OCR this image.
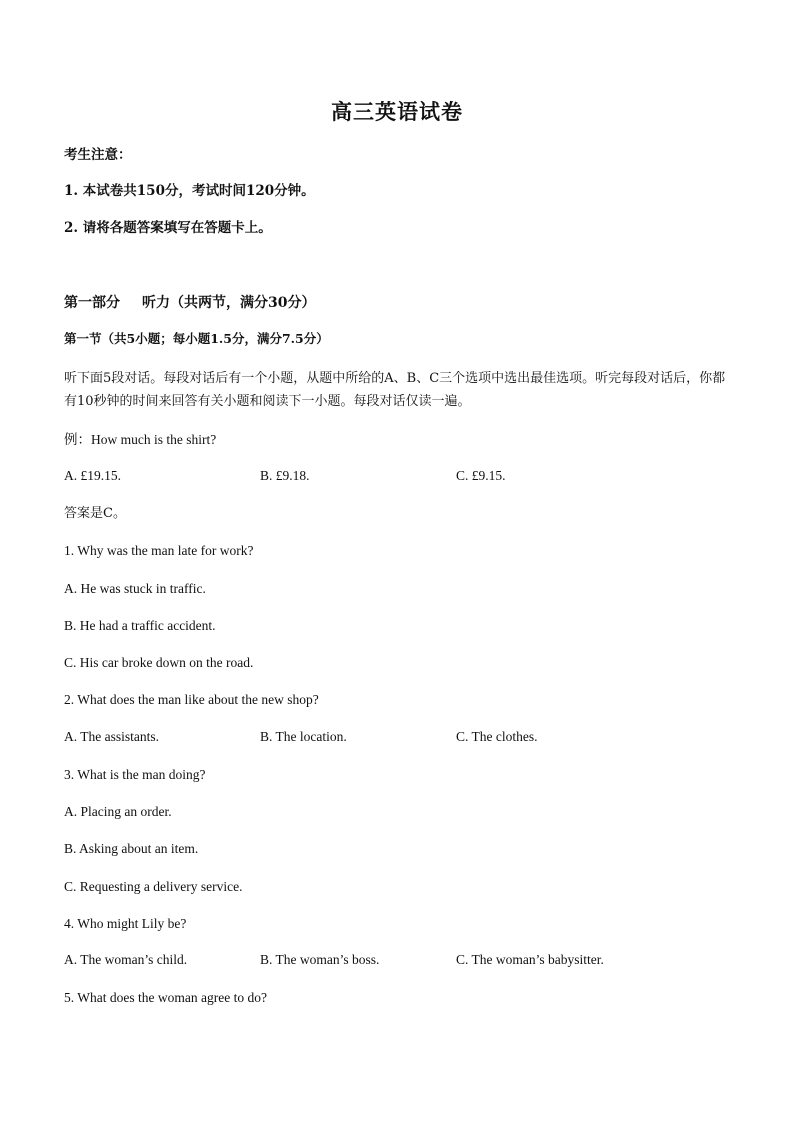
高三英语试卷
考生注意：
1. 本试卷共150分，考试时间120分钟。
2. 请将各题答案填写在答题卡上。
第一部分 听力（共两节，满分30分）
第一节（共5小题；每小题1.5分，满分7.5分）
听下面5段对话。每段对话后有一个小题，从题中所给的A、B、C三个选项中选出最佳选项。听完每段对话后，你都有10秒钟的时间来回答有关小题和阅读下一小题。每段对话仅读一遍。
例：How much is the shirt?
A. £19.15.	B. £9.18.	C. £9.15.
答案是C。
1. Why was the man late for work?
A. He was stuck in traffic.
B. He had a traffic accident.
C. His car broke down on the road.
2. What does the man like about the new shop?
A. The assistants.	B. The location.	C. The clothes.
3. What is the man doing?
A. Placing an order.
B. Asking about an item.
C. Requesting a delivery service.
4. Who might Lily be?
A. The woman’s child.	B. The woman’s boss.	C. The woman’s babysitter.
5. What does the woman agree to do?
